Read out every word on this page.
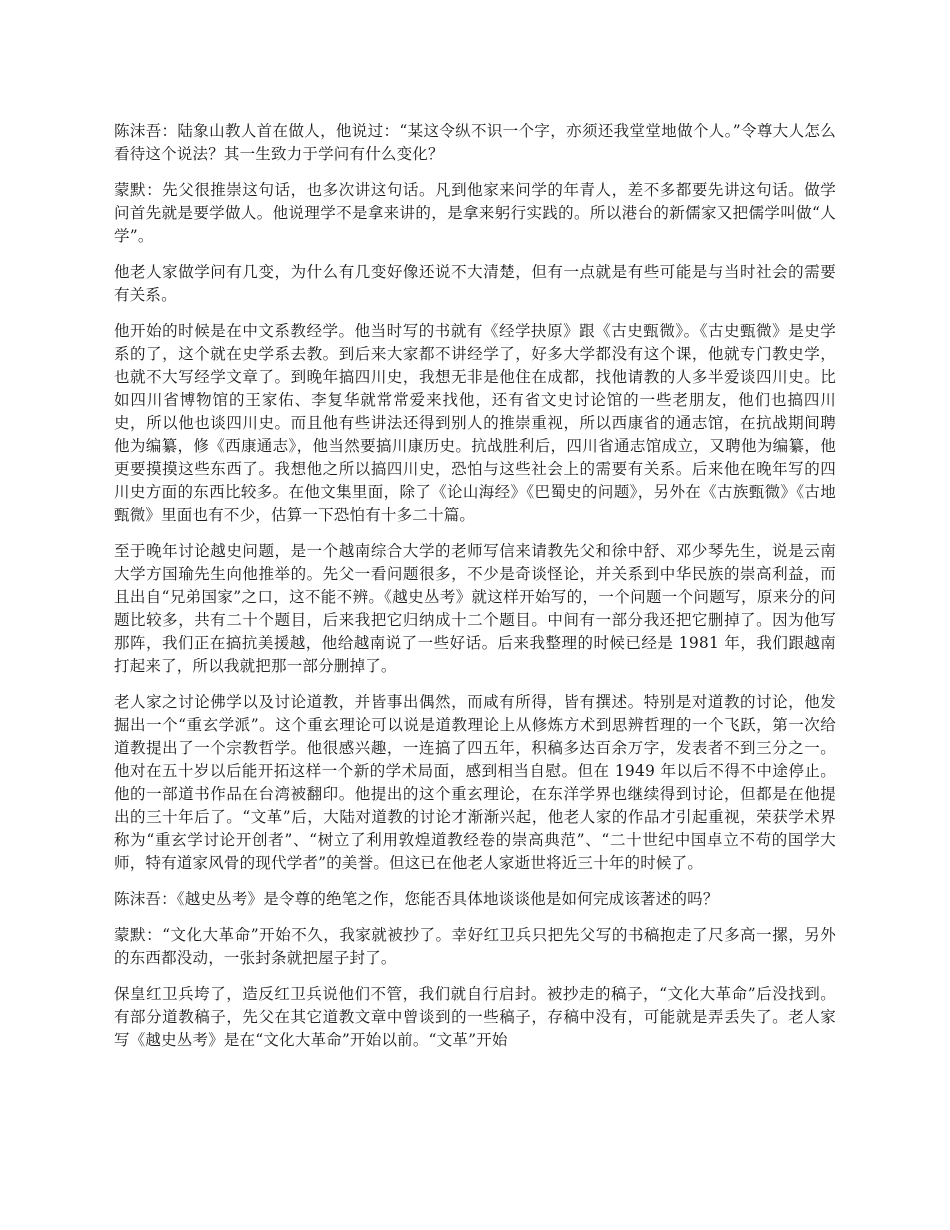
陈沫吾：陆象山教人首在做人，他说过：“某这令纵不识一个字，亦须还我堂堂地做个人。”令尊大人怎么看待这个说法？其一生致力于学问有什么变化？

蒙默：先父很推崇这句话，也多次讲这句话。凡到他家来问学的年青人，差不多都要先讲这句话。做学问首先就是要学做人。他说理学不是拿来讲的，是拿来躬行实践的。所以港台的新儒家又把儒学叫做“人学”。

他老人家做学问有几变，为什么有几变好像还说不大清楚，但有一点就是有些可能是与当时社会的需要有关系。

他开始的时候是在中文系教经学。他当时写的书就有《经学抉原》跟《古史甄微》。《古史甄微》是史学系的了，这个就在史学系去教。到后来大家都不讲经学了，好多大学都没有这个课，他就专门教史学，也就不大写经学文章了。到晚年搞四川史，我想无非是他住在成都，找他请教的人多半爱谈四川史。比如四川省博物馆的王家佑、李复华就常常爱来找他，还有省文史讨论馆的一些老朋友，他们也搞四川史，所以他也谈四川史。而且他有些讲法还得到别人的推崇重视，所以西康省的通志馆，在抗战期间聘他为编纂，修《西康通志》，他当然要搞川康历史。抗战胜利后，四川省通志馆成立，又聘他为编纂，他更要摸摸这些东西了。我想他之所以搞四川史，恐怕与这些社会上的需要有关系。后来他在晚年写的四川史方面的东西比较多。在他文集里面，除了《论山海经》《巴蜀史的问题》，另外在《古族甄微》《古地甄微》里面也有不少，估算一下恐怕有十多二十篇。

至于晚年讨论越史问题，是一个越南综合大学的老师写信来请教先父和徐中舒、邓少琴先生，说是云南大学方国瑜先生向他推举的。先父一看问题很多，不少是奇谈怪论，并关系到中华民族的崇高利益，而且出自“兄弟国家”之口，这不能不辨。《越史丛考》就这样开始写的，一个问题一个问题写，原来分的问题比较多，共有二十个题目，后来我把它归纳成十二个题目。中间有一部分我还把它删掉了。因为他写那阵，我们正在搞抗美援越，他给越南说了一些好话。后来我整理的时候已经是 1981 年，我们跟越南打起来了，所以我就把那一部分删掉了。

老人家之讨论佛学以及讨论道教，并皆事出偶然，而咸有所得，皆有撰述。特别是对道教的讨论，他发掘出一个“重玄学派”。这个重玄理论可以说是道教理论上从修炼方术到思辨哲理的一个飞跃，第一次给道教提出了一个宗教哲学。他很感兴趣，一连搞了四五年，积稿多达百余万字，发表者不到三分之一。他对在五十岁以后能开拓这样一个新的学术局面，感到相当自慰。但在 1949 年以后不得不中途停止。他的一部道书作品在台湾被翻印。他提出的这个重玄理论，在东洋学界也继续得到讨论，但都是在他提出的三十年后了。“文革”后，大陆对道教的讨论才渐渐兴起，他老人家的作品才引起重视，荣获学术界称为“重玄学讨论开创者”、“树立了利用敦煌道教经卷的崇高典范”、“二十世纪中国卓立不苟的国学大师，特有道家风骨的现代学者”的美誉。但这已在他老人家逝世将近三十年的时候了。

陈沫吾：《越史丛考》是令尊的绝笔之作，您能否具体地谈谈他是如何完成该著述的吗？

蒙默：“文化大革命”开始不久，我家就被抄了。幸好红卫兵只把先父写的书稿抱走了尺多高一摞，另外的东西都没动，一张封条就把屋子封了。

保皇红卫兵垮了，造反红卫兵说他们不管，我们就自行启封。被抄走的稿子，“文化大革命”后没找到。有部分道教稿子，先父在其它道教文章中曾谈到的一些稿子，存稿中没有，可能就是弄丢失了。老人家写《越史丛考》是在“文化大革命”开始以前。“文革”开始
